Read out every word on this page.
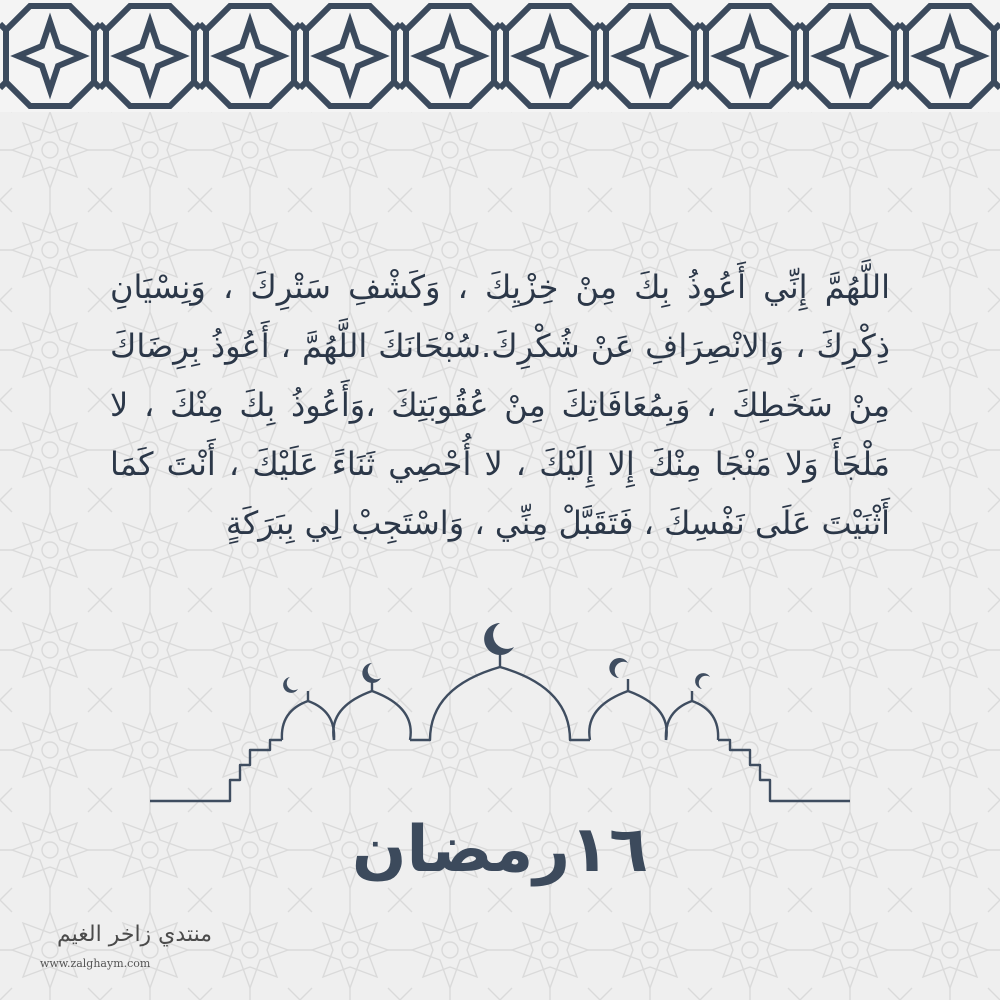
اللَّهُمَّ إِنِّي أَعُوذُ بِكَ مِنْ خِزْيِكَ ، وَكَشْفِ سَتْرِكَ ، وَنِسْيَانِ ذِكْرِكَ ، وَالانْصِرَافِ عَنْ شُكْرِكَ.سُبْحَانَكَ اللَّهُمَّ ، أَعُوذُ بِرِضَاكَ مِنْ سَخَطِكَ ، وَبِمُعَافَاتِكَ مِنْ عُقُوبَتِكَ ،وَأَعُوذُ بِكَ مِنْكَ ، لا مَلْجَأَ وَلا مَنْجَا مِنْكَ إِلا إِلَيْكَ ، لا أُحْصِي ثَنَاءً عَلَيْكَ ، أَنْتَ كَمَا أَثْنَيْتَ عَلَى نَفْسِكَ ، فَتَقَبَّلْ مِنِّي ، وَاسْتَجِبْ لِي بِبَرَكَةٍ
١٦رمضان
منتدي زاخر الغيم
www.zalghaym.com
